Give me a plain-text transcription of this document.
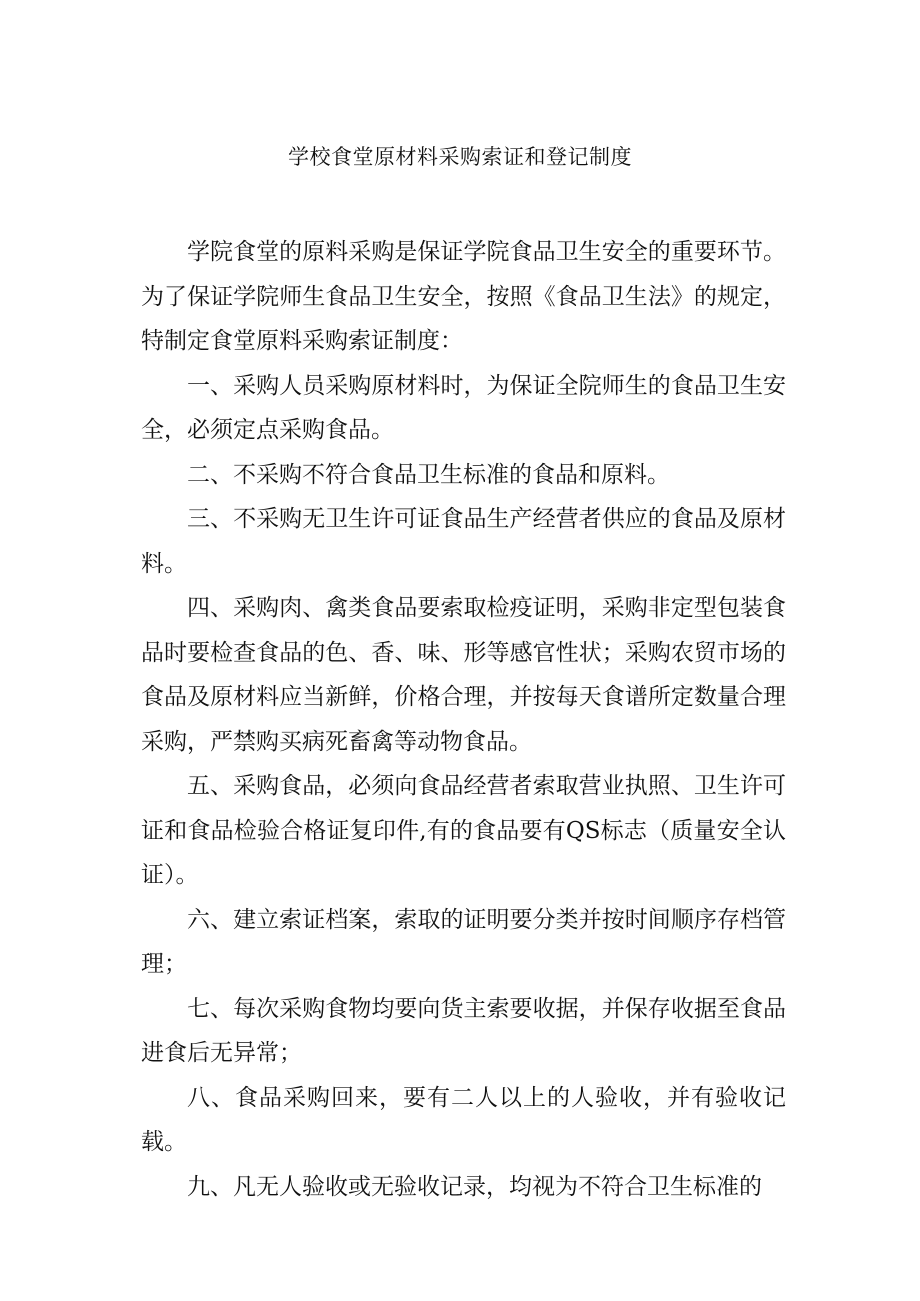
学校食堂原材料采购索证和登记制度

学院食堂的原料采购是保证学院食品卫生安全的重要环节。为了保证学院师生食品卫生安全，按照《食品卫生法》的规定，特制定食堂原料采购索证制度：

一、采购人员采购原材料时，为保证全院师生的食品卫生安全，必须定点采购食品。

二、不采购不符合食品卫生标准的食品和原料。

三、不采购无卫生许可证食品生产经营者供应的食品及原材料。

四、采购肉、禽类食品要索取检疫证明，采购非定型包装食品时要检查食品的色、香、味、形等感官性状；采购农贸市场的食品及原材料应当新鲜，价格合理，并按每天食谱所定数量合理采购，严禁购买病死畜禽等动物食品。

五、采购食品，必须向食品经营者索取营业执照、卫生许可证和食品检验合格证复印件,有的食品要有QS标志（质量安全认证）。

六、建立索证档案，索取的证明要分类并按时间顺序存档管理；

七、每次采购食物均要向货主索要收据，并保存收据至食品进食后无异常；

八、食品采购回来，要有二人以上的人验收，并有验收记载。

九、凡无人验收或无验收记录，均视为不符合卫生标准的
